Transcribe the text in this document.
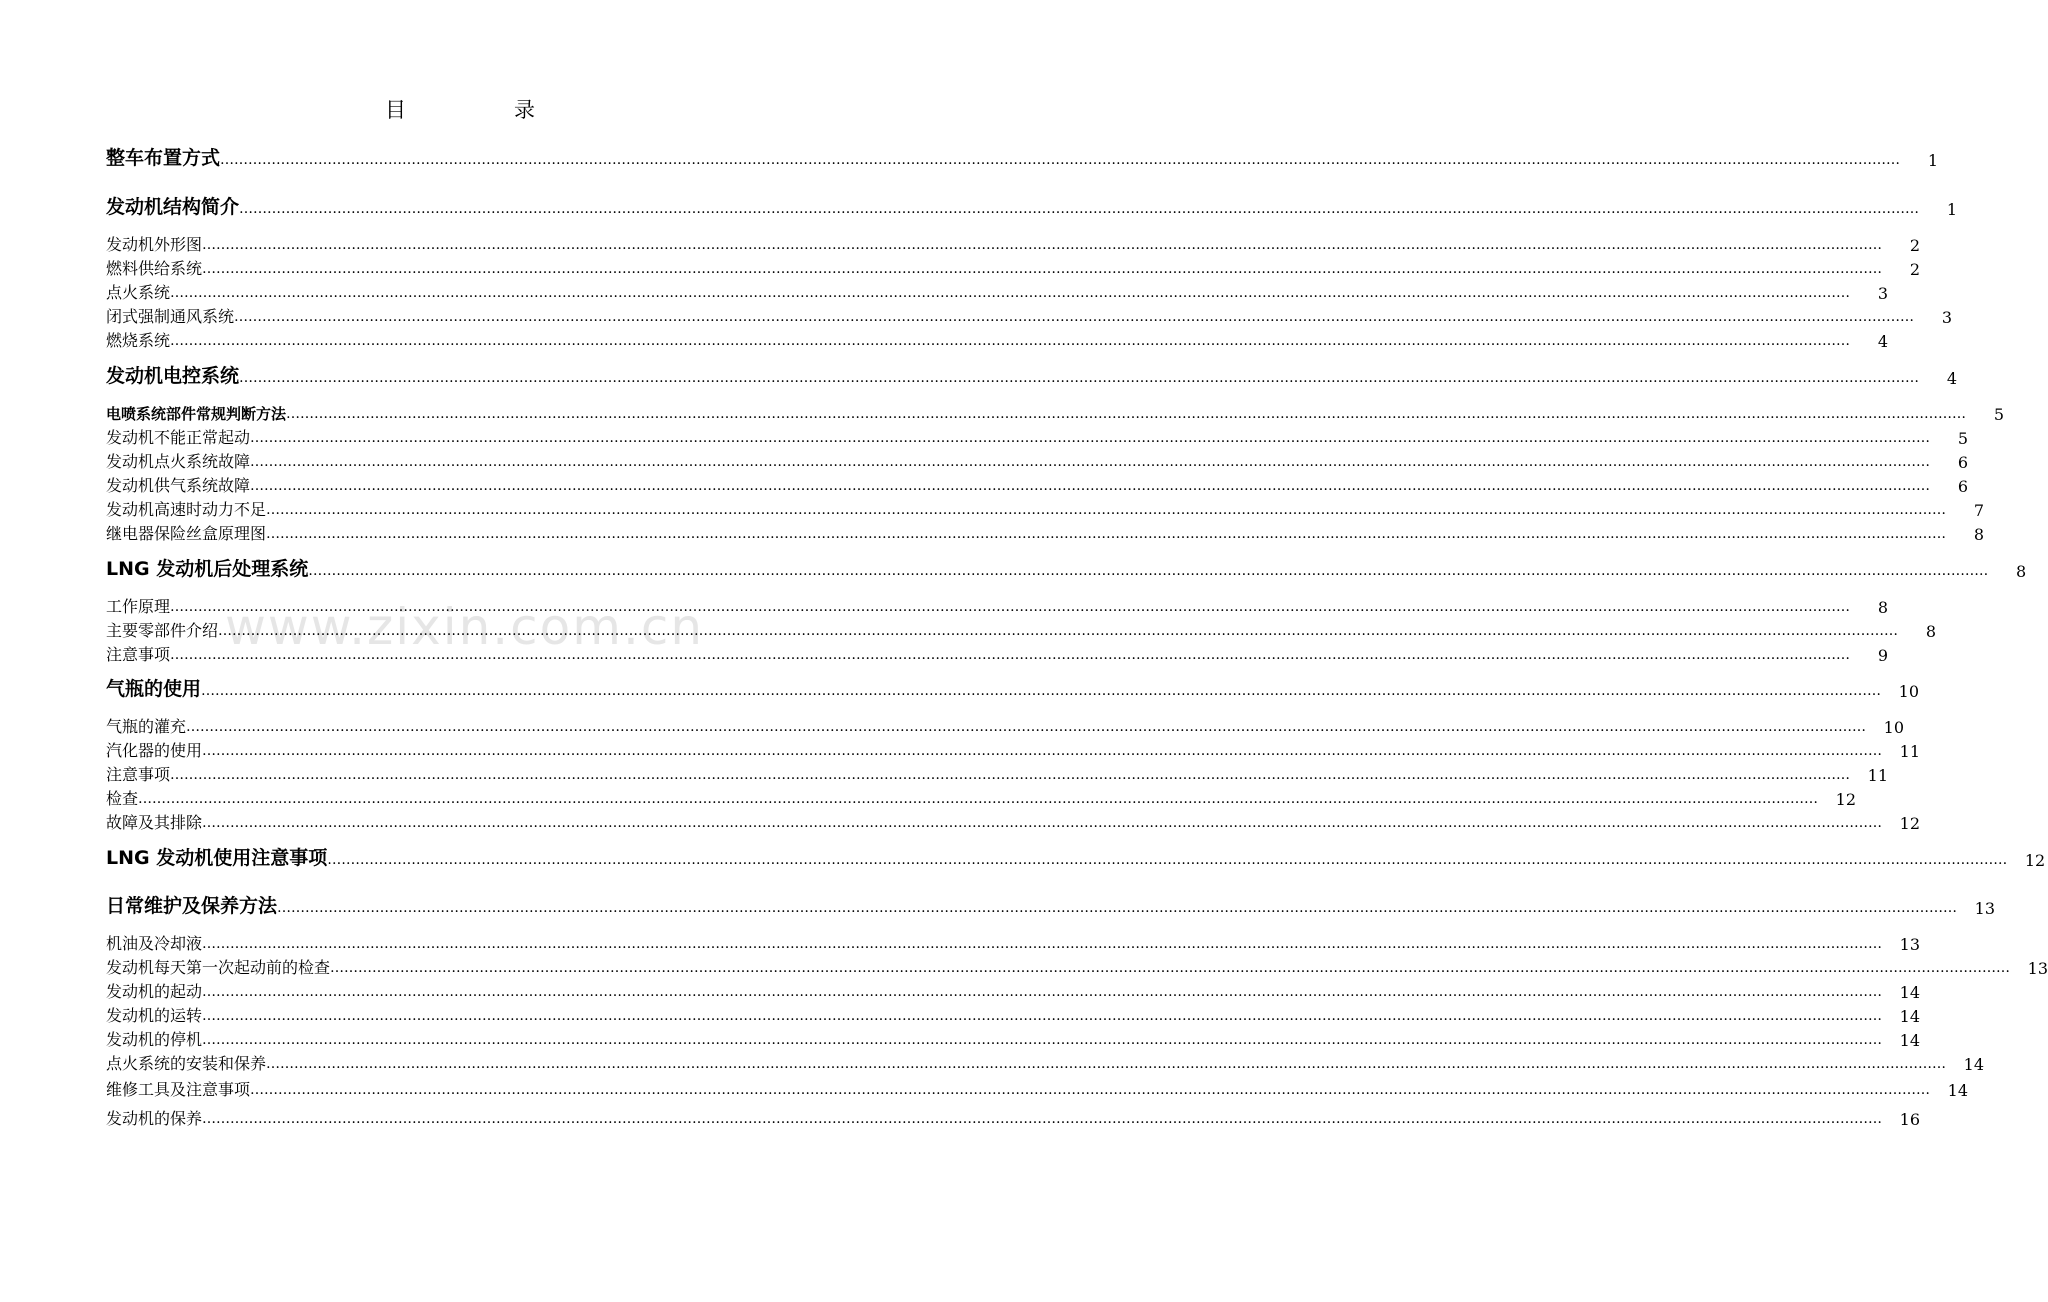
目	录
www.zixin.com.cn
整车布置方式 ………………………………………………………………………………………………………………………………………………………………………………………………………………………………………………………………………………………………………………………………	1
发动机结构简介 ………………………………………………………………………………………………………………………………………………………………………………………………………………………………………………………………………………………………………………………………	1
发动机外形图 ………………………………………………………………………………………………………………………………………………………………………………………………………………………………………………………………………………………………………………………………	2
燃料供给系统 ………………………………………………………………………………………………………………………………………………………………………………………………………………………………………………………………………………………………………………………………	2
点火系统 ………………………………………………………………………………………………………………………………………………………………………………………………………………………………………………………………………………………………………………………………	3
闭式强制通风系统 ………………………………………………………………………………………………………………………………………………………………………………………………………………………………………………………………………………………………………………………………	3
燃烧系统 ………………………………………………………………………………………………………………………………………………………………………………………………………………………………………………………………………………………………………………………………	4
发动机电控系统 ………………………………………………………………………………………………………………………………………………………………………………………………………………………………………………………………………………………………………………………………	4
电喷系统部件常规判断方法 ………………………………………………………………………………………………………………………………………………………………………………………………………………………………………………………………………………………………………………………………	5
发动机不能正常起动 ………………………………………………………………………………………………………………………………………………………………………………………………………………………………………………………………………………………………………………………………	5
发动机点火系统故障 ………………………………………………………………………………………………………………………………………………………………………………………………………………………………………………………………………………………………………………………………	6
发动机供气系统故障 ………………………………………………………………………………………………………………………………………………………………………………………………………………………………………………………………………………………………………………………………	6
发动机高速时动力不足 ………………………………………………………………………………………………………………………………………………………………………………………………………………………………………………………………………………………………………………………………	7
继电器保险丝盒原理图 ………………………………………………………………………………………………………………………………………………………………………………………………………………………………………………………………………………………………………………………………	8
LNG 发动机后处理系统 ………………………………………………………………………………………………………………………………………………………………………………………………………………………………………………………………………………………………………………………………	8
工作原理 ………………………………………………………………………………………………………………………………………………………………………………………………………………………………………………………………………………………………………………………………	8
主要零部件介绍 ………………………………………………………………………………………………………………………………………………………………………………………………………………………………………………………………………………………………………………………………	8
注意事项 ………………………………………………………………………………………………………………………………………………………………………………………………………………………………………………………………………………………………………………………………	9
气瓶的使用 ………………………………………………………………………………………………………………………………………………………………………………………………………………………………………………………………………………………………………………………………	10
气瓶的灌充 ………………………………………………………………………………………………………………………………………………………………………………………………………………………………………………………………………………………………………………………………	10
汽化器的使用 ………………………………………………………………………………………………………………………………………………………………………………………………………………………………………………………………………………………………………………………………	11
注意事项 ………………………………………………………………………………………………………………………………………………………………………………………………………………………………………………………………………………………………………………………………	11
检查 ………………………………………………………………………………………………………………………………………………………………………………………………………………………………………………………………………………………………………………………………	12
故障及其排除 ………………………………………………………………………………………………………………………………………………………………………………………………………………………………………………………………………………………………………………………………	12
LNG 发动机使用注意事项 ………………………………………………………………………………………………………………………………………………………………………………………………………………………………………………………………………………………………………………………………	12
日常维护及保养方法 ………………………………………………………………………………………………………………………………………………………………………………………………………………………………………………………………………………………………………………………………	13
机油及冷却液 ………………………………………………………………………………………………………………………………………………………………………………………………………………………………………………………………………………………………………………………………	13
发动机每天第一次起动前的检查 ………………………………………………………………………………………………………………………………………………………………………………………………………………………………………………………………………………………………………………………………	13
发动机的起动 ………………………………………………………………………………………………………………………………………………………………………………………………………………………………………………………………………………………………………………………………	14
发动机的运转 ………………………………………………………………………………………………………………………………………………………………………………………………………………………………………………………………………………………………………………………………	14
发动机的停机 ………………………………………………………………………………………………………………………………………………………………………………………………………………………………………………………………………………………………………………………………	14
点火系统的安装和保养 ………………………………………………………………………………………………………………………………………………………………………………………………………………………………………………………………………………………………………………………………	14
维修工具及注意事项 ………………………………………………………………………………………………………………………………………………………………………………………………………………………………………………………………………………………………………………………………	14
发动机的保养 ………………………………………………………………………………………………………………………………………………………………………………………………………………………………………………………………………………………………………………………………	16
